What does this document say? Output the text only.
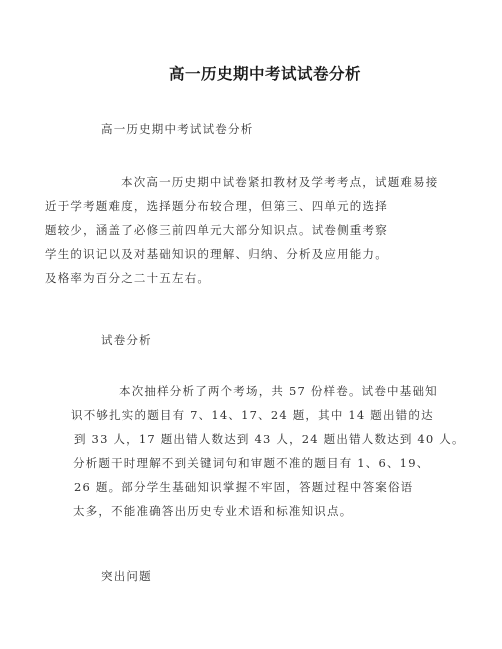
高一历史期中考试试卷分析
高一历史期中考试试卷分析
本次高一历史期中试卷紧扣教材及学考考点，试题难易接
近于学考题难度，选择题分布较合理，但第三、四单元的选择
题较少，涵盖了必修三前四单元大部分知识点。试卷侧重考察
学生的识记以及对基础知识的理解、归纳、分析及应用能力。
及格率为百分之二十五左右。
试卷分析
本次抽样分析了两个考场，共 57 份样卷。试卷中基础知
识不够扎实的题目有 7、14、17、24 题，其中 14 题出错的达
到 33 人，17 题出错人数达到 43 人，24 题出错人数达到 40 人。
分析题干时理解不到关键词句和审题不准的题目有 1、6、19、
26 题。部分学生基础知识掌握不牢固，答题过程中答案俗语
太多，不能准确答出历史专业术语和标准知识点。
突出问题
